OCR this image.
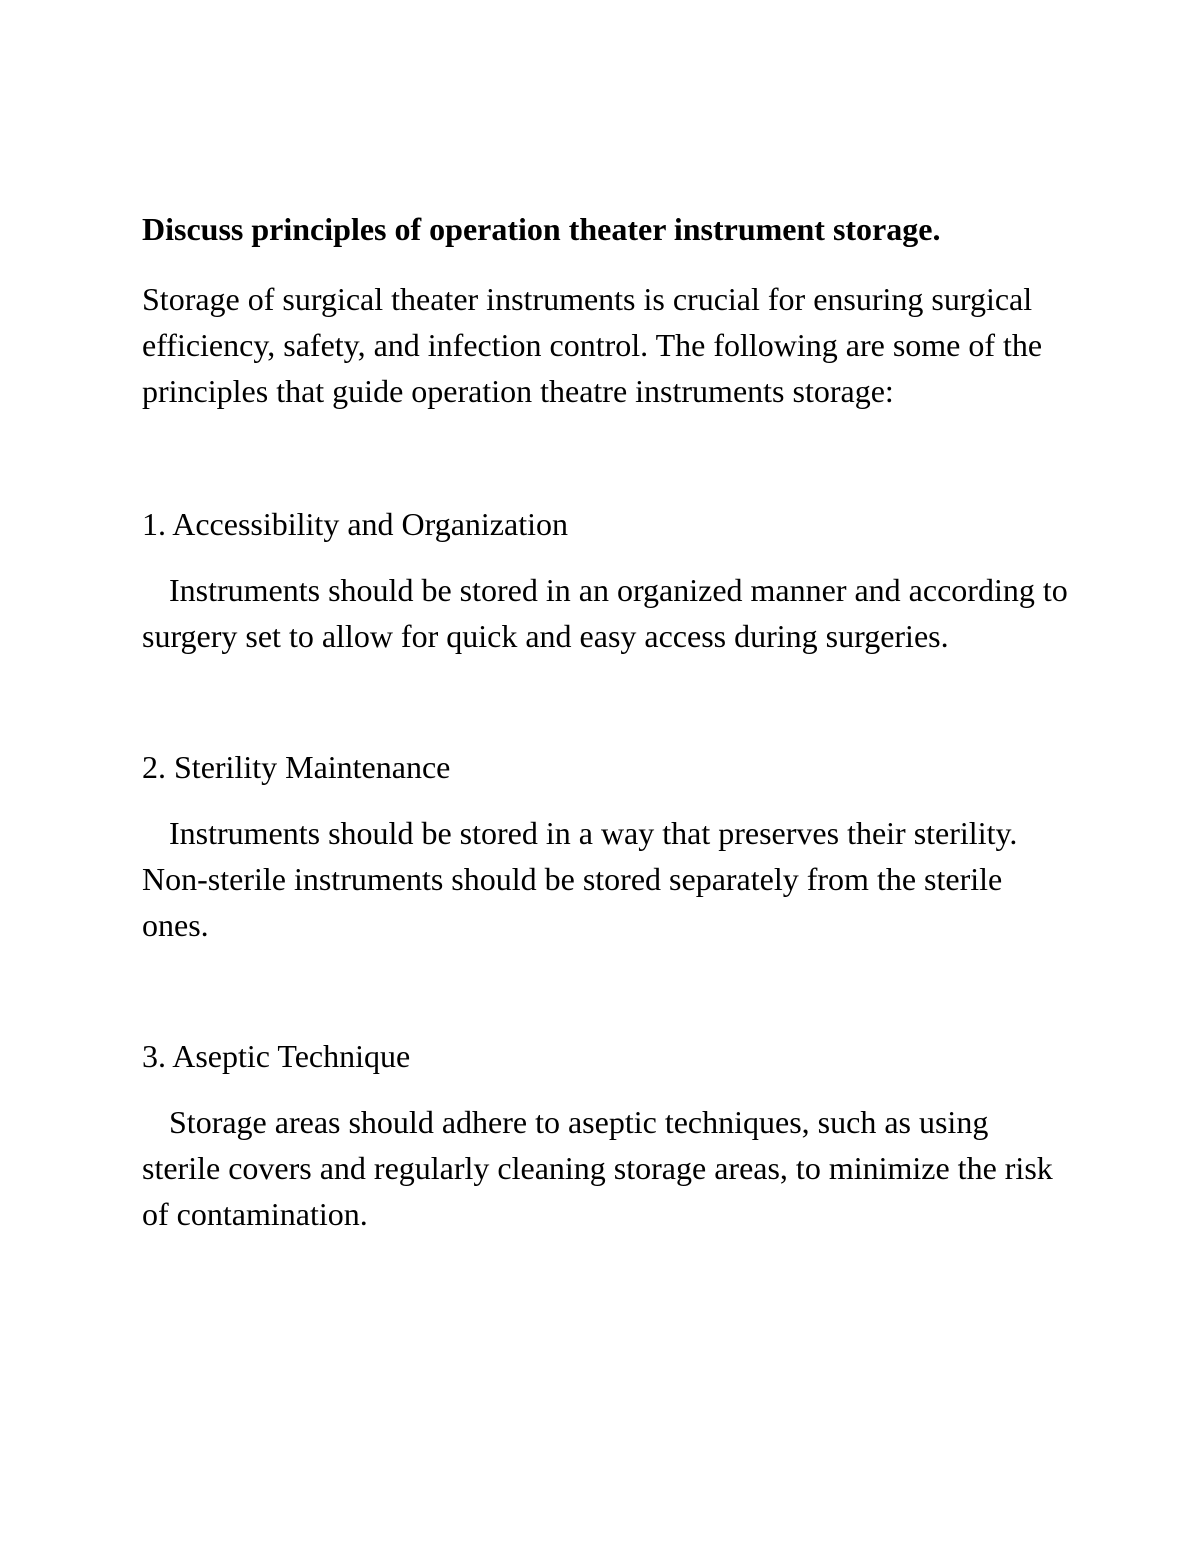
Discuss principles of operation theater instrument storage.

Storage of surgical theater instruments is crucial for ensuring surgical efficiency, safety, and infection control. The following are some of the principles that guide operation theatre instruments storage:

1. Accessibility and Organization

Instruments should be stored in an organized manner and according to surgery set to allow for quick and easy access during surgeries.

2. Sterility Maintenance

Instruments should be stored in a way that preserves their sterility. Non-sterile instruments should be stored separately from the sterile ones.

3. Aseptic Technique

Storage areas should adhere to aseptic techniques, such as using sterile covers and regularly cleaning storage areas, to minimize the risk of contamination.
